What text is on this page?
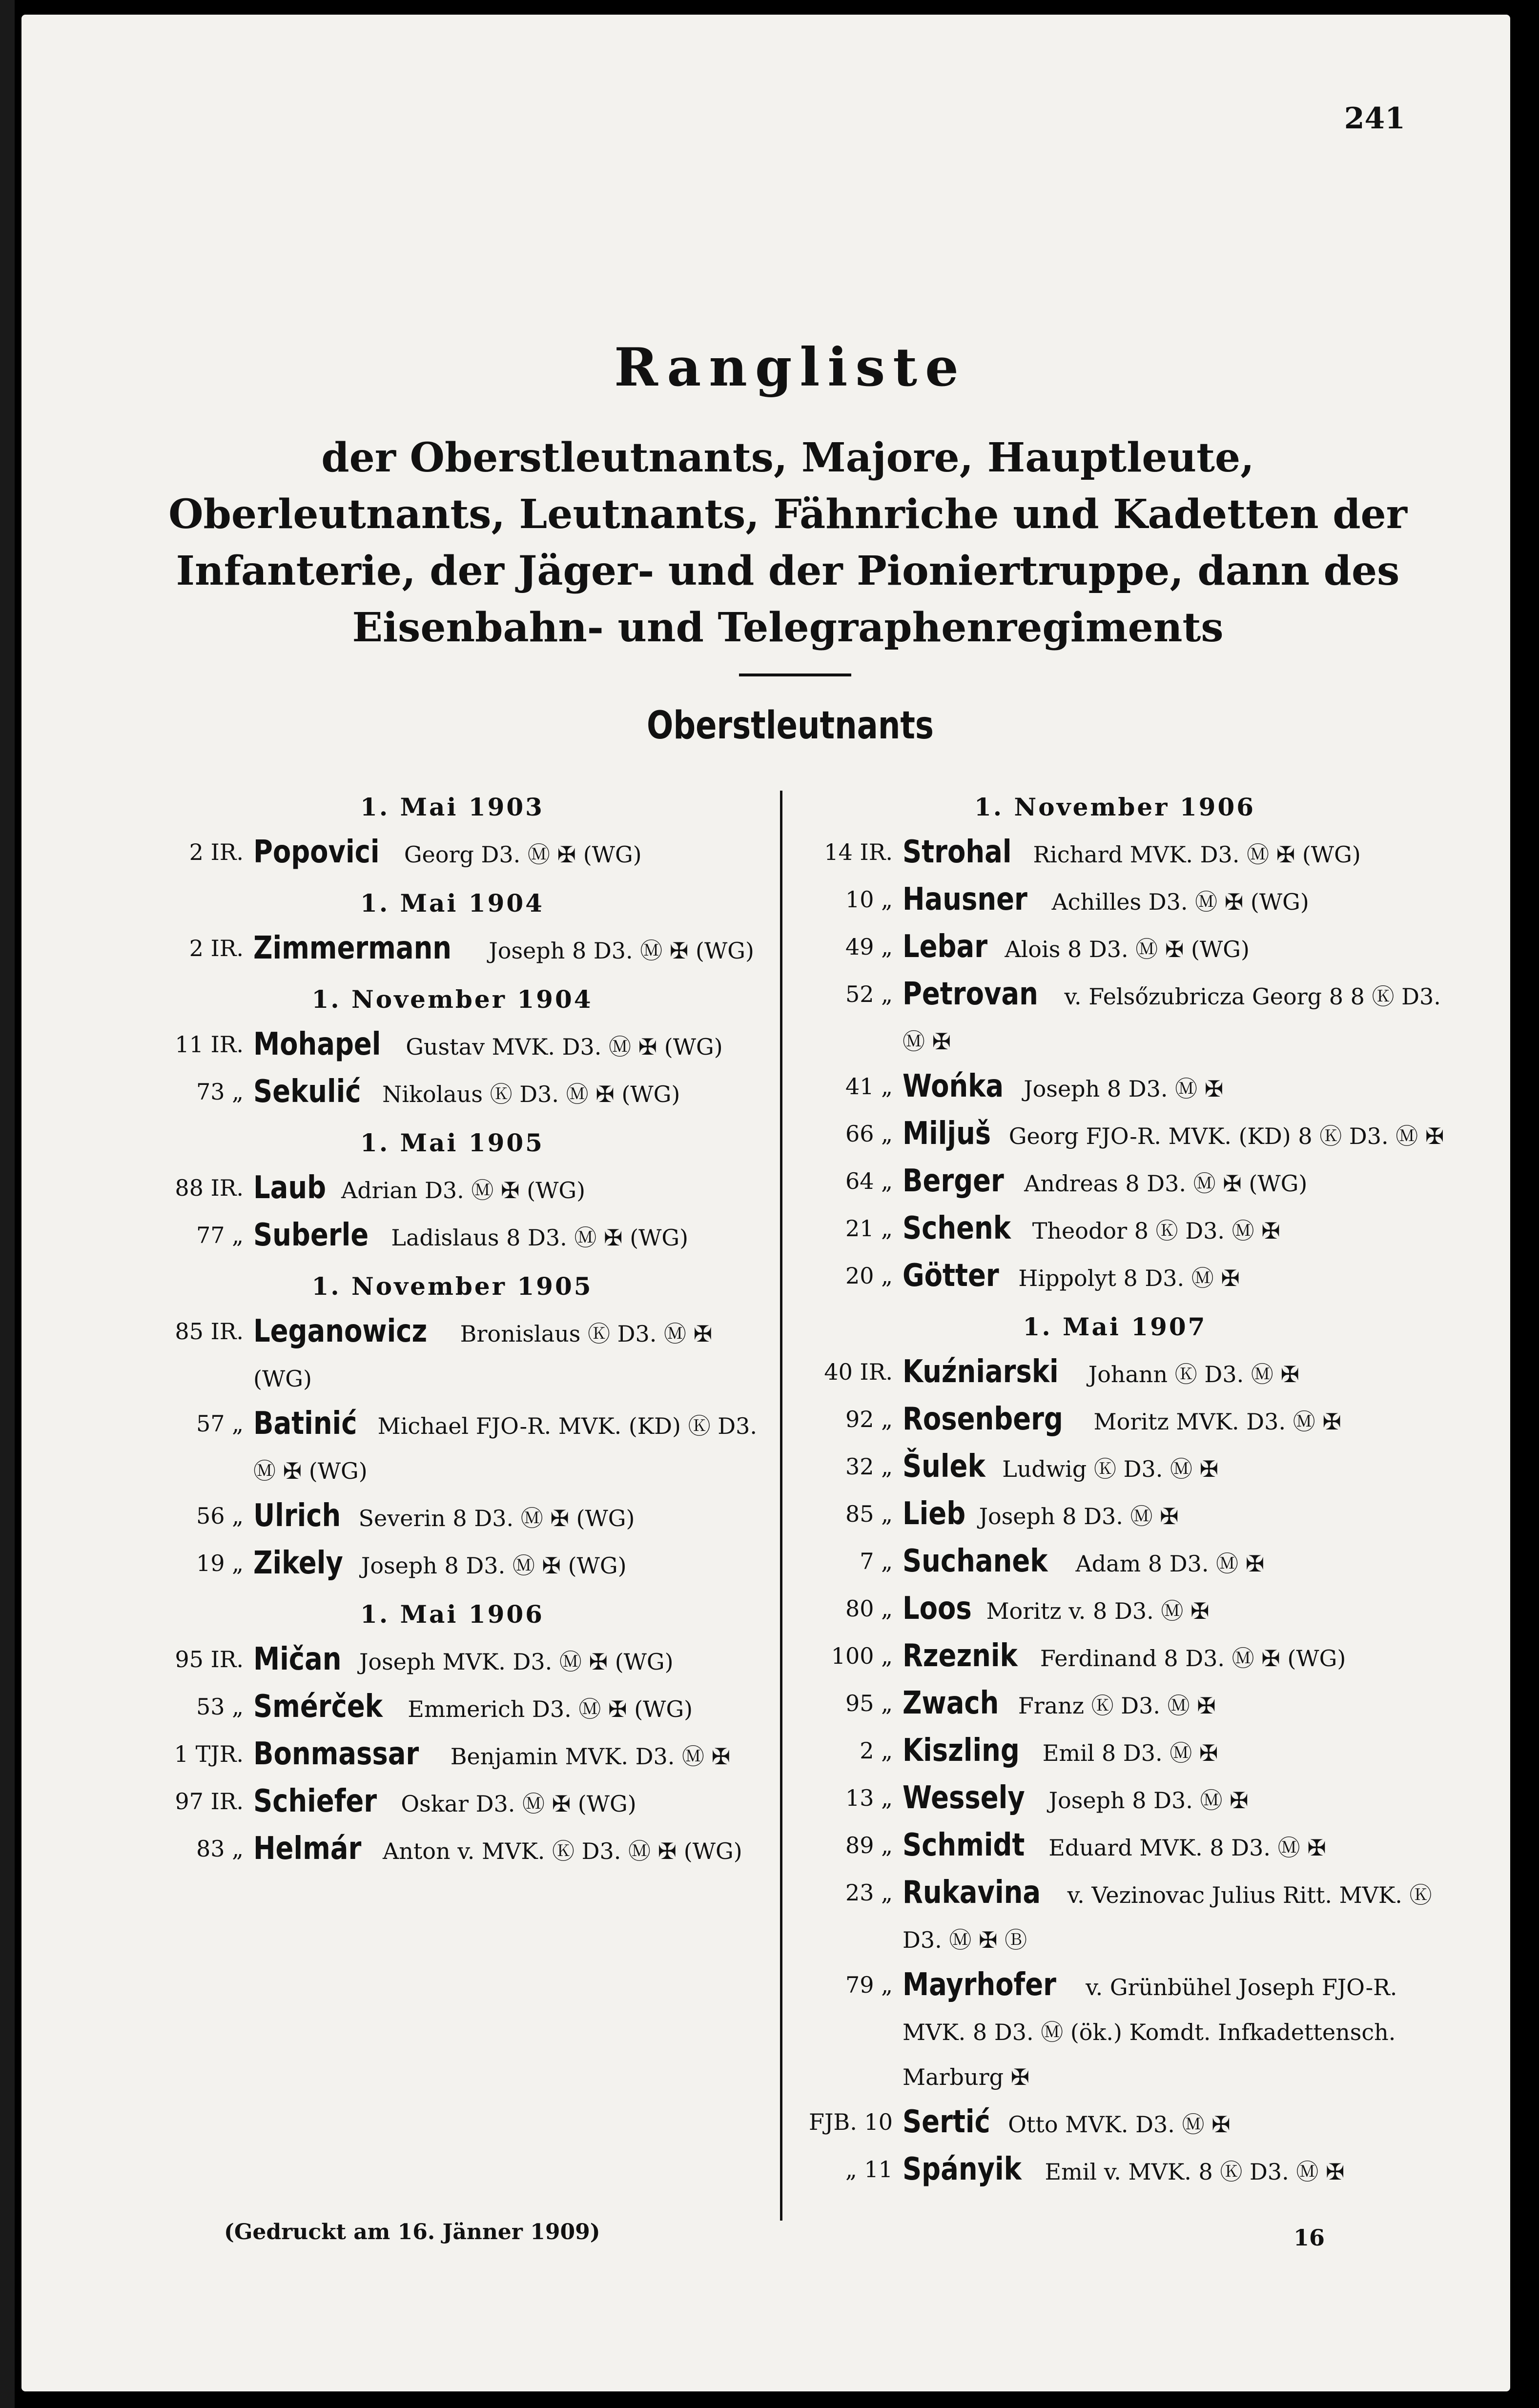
241
Rangliste
der Oberstleutnants, Majore, Hauptleute, Oberleutnants, Leutnants, Fähnriche und Kadetten der Infanterie, der Jäger- und der Pioniertruppe, dann des Eisenbahn- und Telegraphenregiments
Oberstleutnants
1. Mai 1903
2 IR. Popovici Georg D3. Ⓜ ✠ (WG)
1. Mai 1904
2 IR. Zimmermann Joseph 8 D3. Ⓜ ✠ (WG)
1. November 1904
11 IR. Mohapel Gustav MVK. D3. Ⓜ ✠ (WG)
73 „ Sekulić Nikolaus Ⓚ D3. Ⓜ ✠ (WG)
1. Mai 1905
88 IR. Laub Adrian D3. Ⓜ ✠ (WG)
77 „ Suberle Ladislaus 8 D3. Ⓜ ✠ (WG)
1. November 1905
85 IR. Leganowicz Bronislaus Ⓚ D3. Ⓜ ✠ (WG)
57 „ Batinić Michael FJO-R. MVK. (KD) Ⓚ D3. Ⓜ ✠ (WG)
56 „ Ulrich Severin 8 D3. Ⓜ ✠ (WG)
19 „ Zikely Joseph 8 D3. Ⓜ ✠ (WG)
1. Mai 1906
95 IR. Mičan Joseph MVK. D3. Ⓜ ✠ (WG)
53 „ Smérček Emmerich D3. Ⓜ ✠ (WG)
1 TJR. Bonmassar Benjamin MVK. D3. Ⓜ ✠
97 IR. Schiefer Oskar D3. Ⓜ ✠ (WG)
83 „ Helmár Anton v. MVK. Ⓚ D3. Ⓜ ✠ (WG)
1. November 1906
14 IR. Strohal Richard MVK. D3. Ⓜ ✠ (WG)
10 „ Hausner Achilles D3. Ⓜ ✠ (WG)
49 „ Lebar Alois 8 D3. Ⓜ ✠ (WG)
52 „ Petrovan v. Felsőzubricza Georg 8 8 Ⓚ D3. Ⓜ ✠
41 „ Wońka Joseph 8 D3. Ⓜ ✠
66 „ Miljuš Georg FJO-R. MVK. (KD) 8 Ⓚ D3. Ⓜ ✠
64 „ Berger Andreas 8 D3. Ⓜ ✠ (WG)
21 „ Schenk Theodor 8 Ⓚ D3. Ⓜ ✠
20 „ Götter Hippolyt 8 D3. Ⓜ ✠
1. Mai 1907
40 IR. Kuźniarski Johann Ⓚ D3. Ⓜ ✠
92 „ Rosenberg Moritz MVK. D3. Ⓜ ✠
32 „ Šulek Ludwig Ⓚ D3. Ⓜ ✠
85 „ Lieb Joseph 8 D3. Ⓜ ✠
7 „ Suchanek Adam 8 D3. Ⓜ ✠
80 „ Loos Moritz v. 8 D3. Ⓜ ✠
100 „ Rzeznik Ferdinand 8 D3. Ⓜ ✠ (WG)
95 „ Zwach Franz Ⓚ D3. Ⓜ ✠
2 „ Kiszling Emil 8 D3. Ⓜ ✠
13 „ Wessely Joseph 8 D3. Ⓜ ✠
89 „ Schmidt Eduard MVK. 8 D3. Ⓜ ✠
23 „ Rukavina v. Vezinovac Julius Ritt. MVK. Ⓚ D3. Ⓜ ✠ Ⓑ
79 „ Mayrhofer v. Grünbühel Joseph FJO-R. MVK. 8 D3. Ⓜ (ök.) Komdt. Infkadettensch. Marburg ✠
FJB. 10 Sertić Otto MVK. D3. Ⓜ ✠
„ 11 Spányik Emil v. MVK. 8 Ⓚ D3. Ⓜ ✠
(Gedruckt am 16. Jänner 1909)	16
